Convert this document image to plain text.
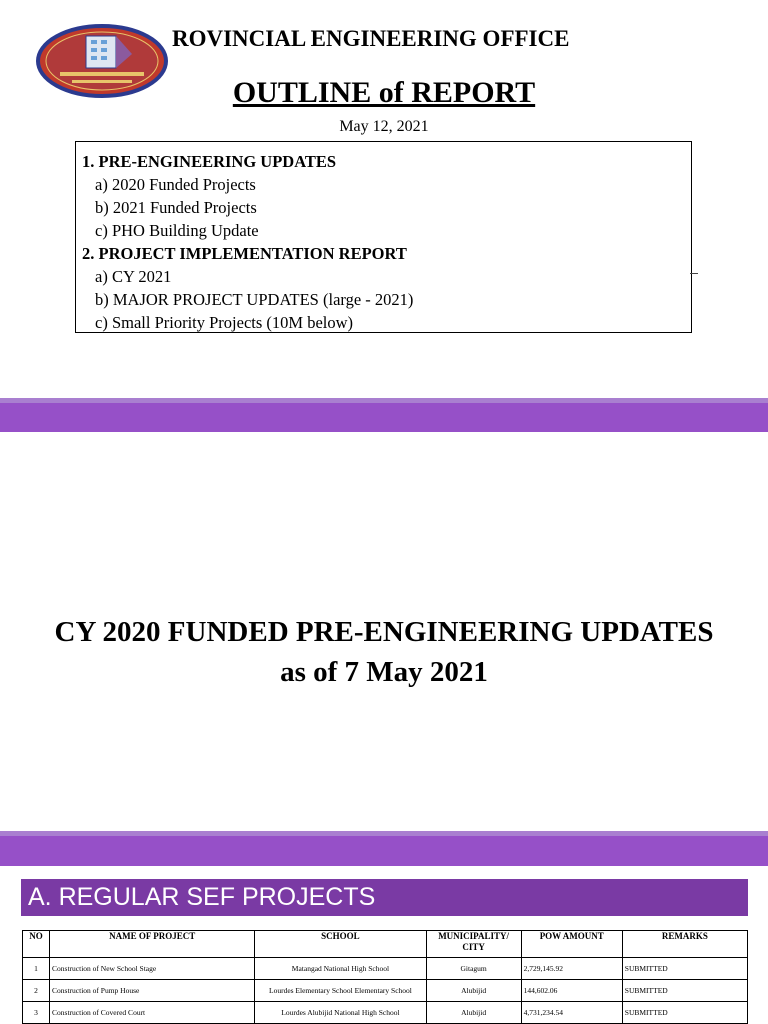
ROVINCIAL ENGINEERING OFFICE
OUTLINE of REPORT
May 12, 2021
1. PRE-ENGINEERING UPDATES
a) 2020 Funded Projects
b) 2021 Funded Projects
c) PHO Building Update
2. PROJECT IMPLEMENTATION REPORT
a) CY 2021
b) MAJOR PROJECT UPDATES (large - 2021)
c) Small Priority Projects (10M below)
CY 2020 FUNDED PRE-ENGINEERING UPDATES
as of 7 May 2021
A. REGULAR SEF PROJECTS
NO	NAME OF PROJECT	SCHOOL	MUNICIPALITY/
CITY	POW AMOUNT	REMARKS
1	Construction of New School Stage	Matangad National High School	Gitagum	2,729,145.92	SUBMITTED
2	Construction of Pump House	Lourdes Elementary School Elementary School	Alubijid	144,602.06	SUBMITTED
3	Construction of Covered Court	Lourdes Alubijid National High School	Alubijid	4,731,234.54	SUBMITTED
